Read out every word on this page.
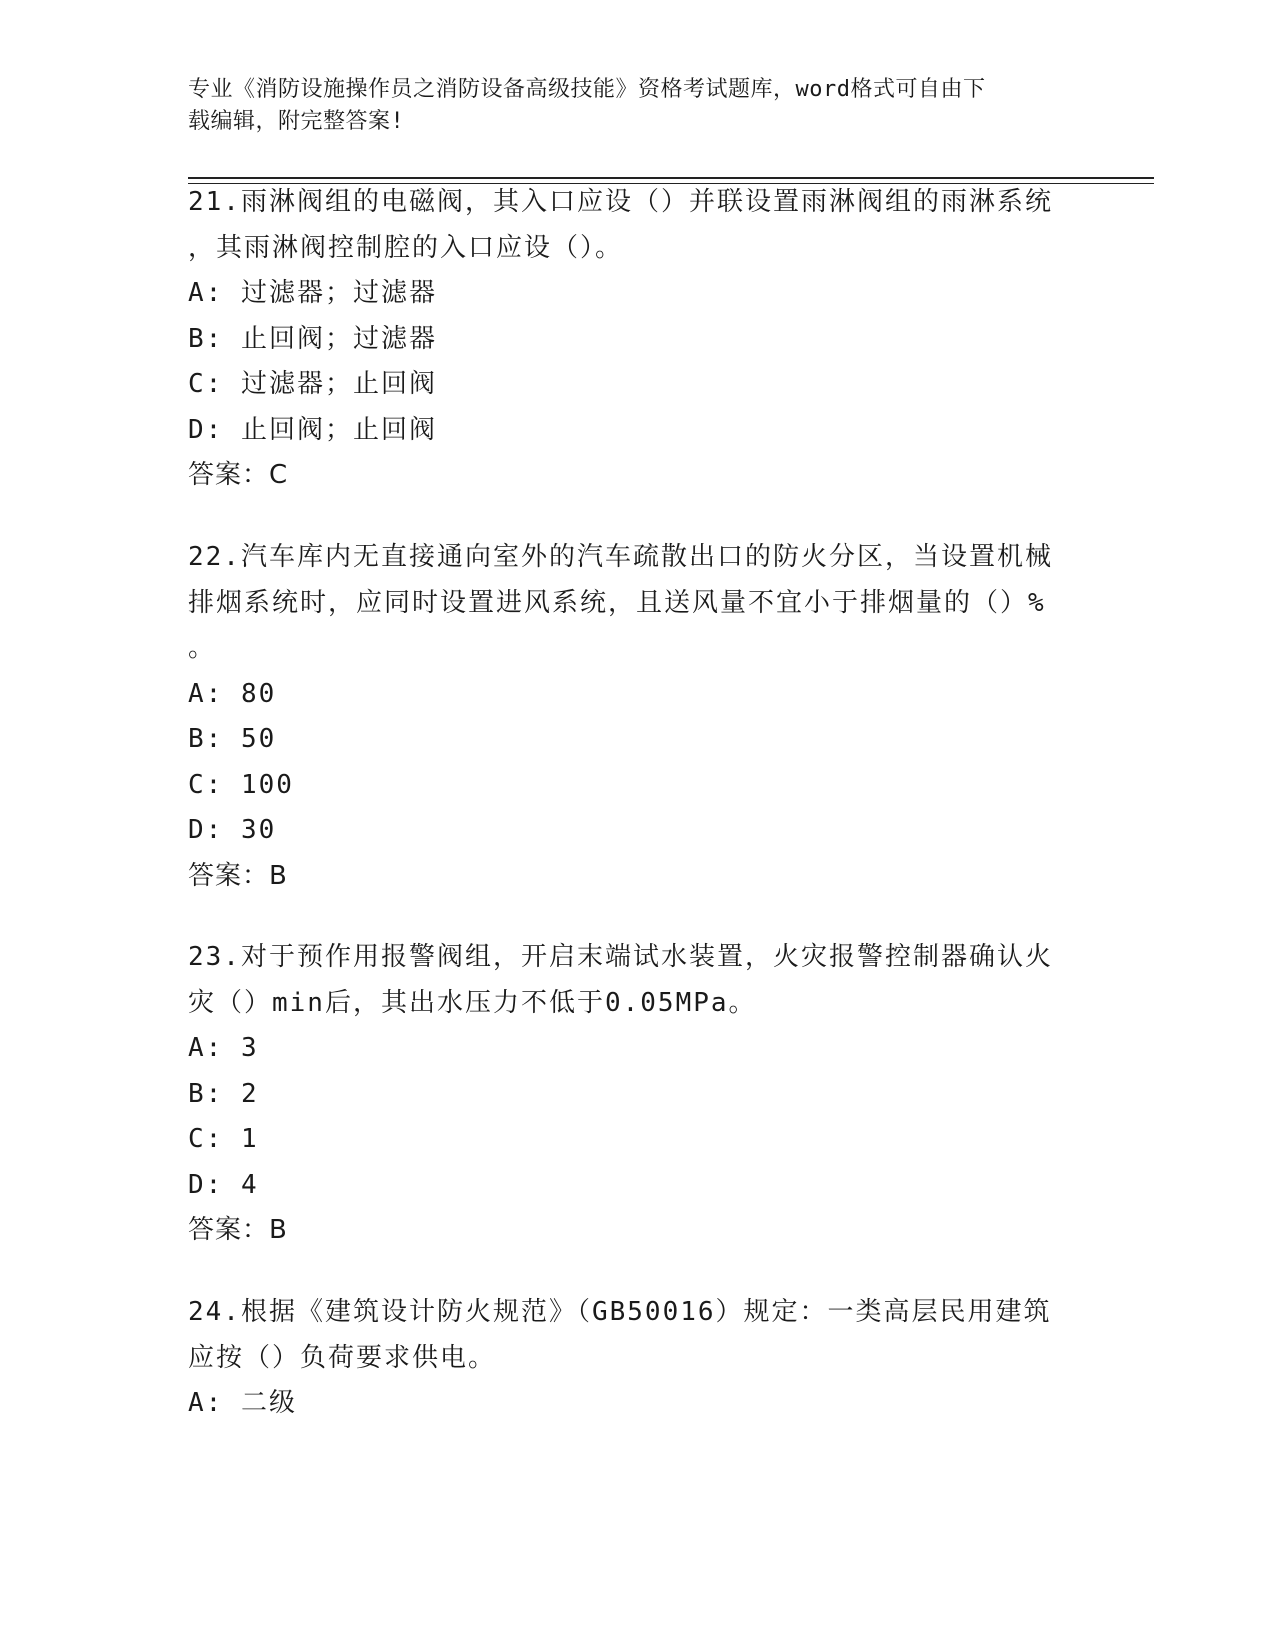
专业《消防设施操作员之消防设备高级技能》资格考试题库，word格式可自由下
载编辑，附完整答案!
21.雨淋阀组的电磁阀，其入口应设（）并联设置雨淋阀组的雨淋系统
，其雨淋阀控制腔的入口应设（）。
A: 过滤器；过滤器
B: 止回阀；过滤器
C: 过滤器；止回阀
D: 止回阀；止回阀
答案：C
22.汽车库内无直接通向室外的汽车疏散出口的防火分区，当设置机械
排烟系统时，应同时设置进风系统，且送风量不宜小于排烟量的（）%
。
A: 80
B: 50
C: 100
D: 30
答案：B
23.对于预作用报警阀组，开启末端试水装置，火灾报警控制器确认火
灾（）min后，其出水压力不低于0.05MPa。
A: 3
B: 2
C: 1
D: 4
答案：B
24.根据《建筑设计防火规范》（GB50016）规定：一类高层民用建筑
应按（）负荷要求供电。
A: 二级
